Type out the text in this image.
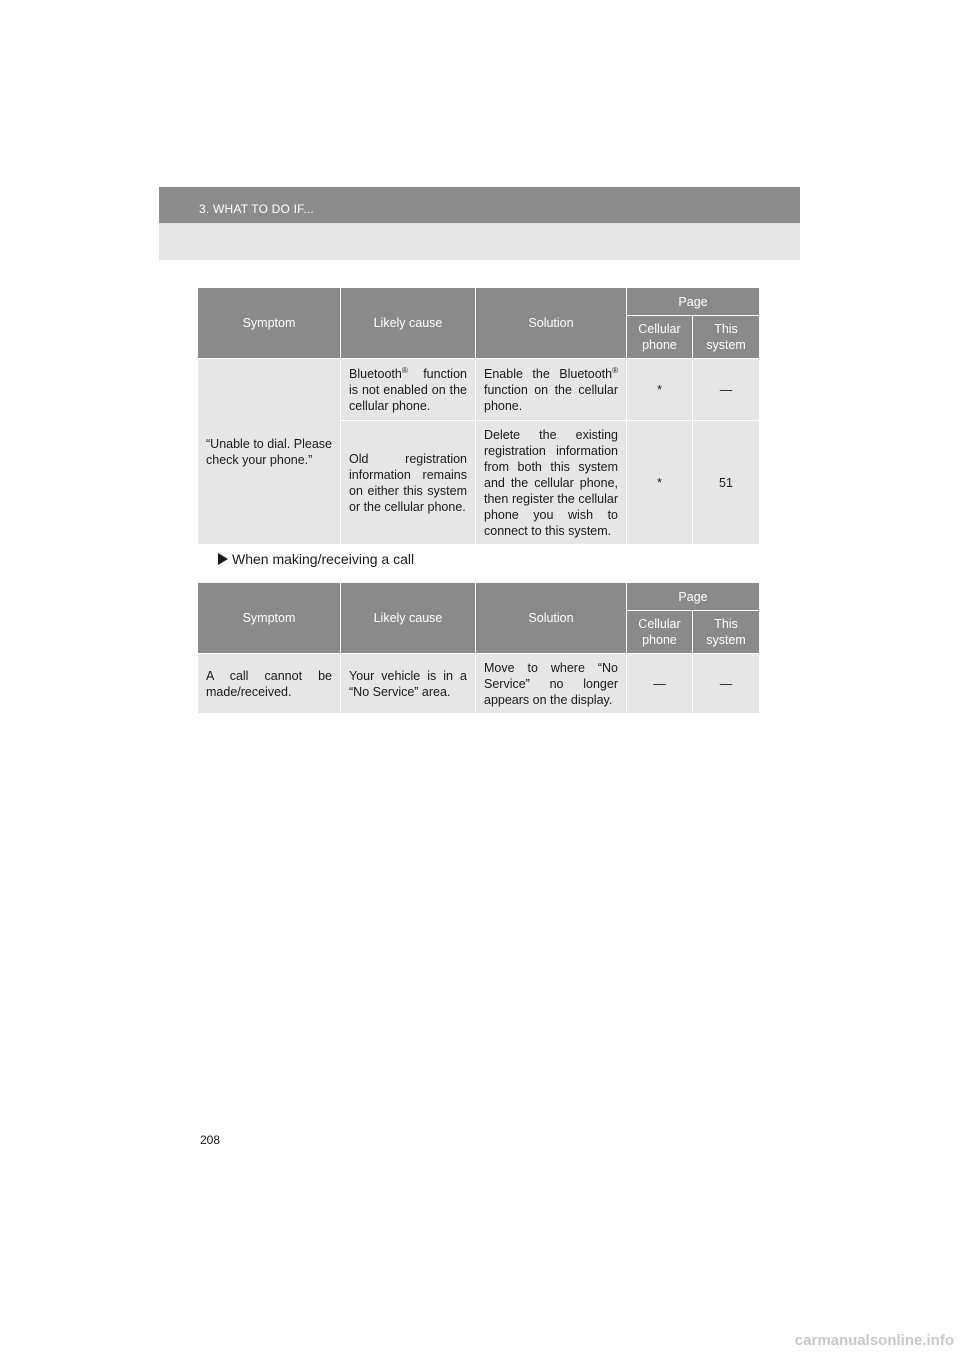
3. WHAT TO DO IF...
Symptom	Likely cause	Solution	Page	
			Cellular phone	This system
“Unable to dial. Please check your phone.”	Bluetooth® function is not enabled on the cellular phone.	Enable the Bluetooth® function on the cellular phone.	*	—
	Old registration information remains on either this system or the cellular phone.	Delete the existing registration information from both this system and the cellular phone, then register the cellular phone you wish to connect to this system.	*	51
When making/receiving a call
Symptom	Likely cause	Solution	Page	
			Cellular phone	This system
A call cannot be made/received.	Your vehicle is in a “No Service” area.	Move to where “No Service” no longer appears on the display.	—	—
208
carmanualsonline.info
